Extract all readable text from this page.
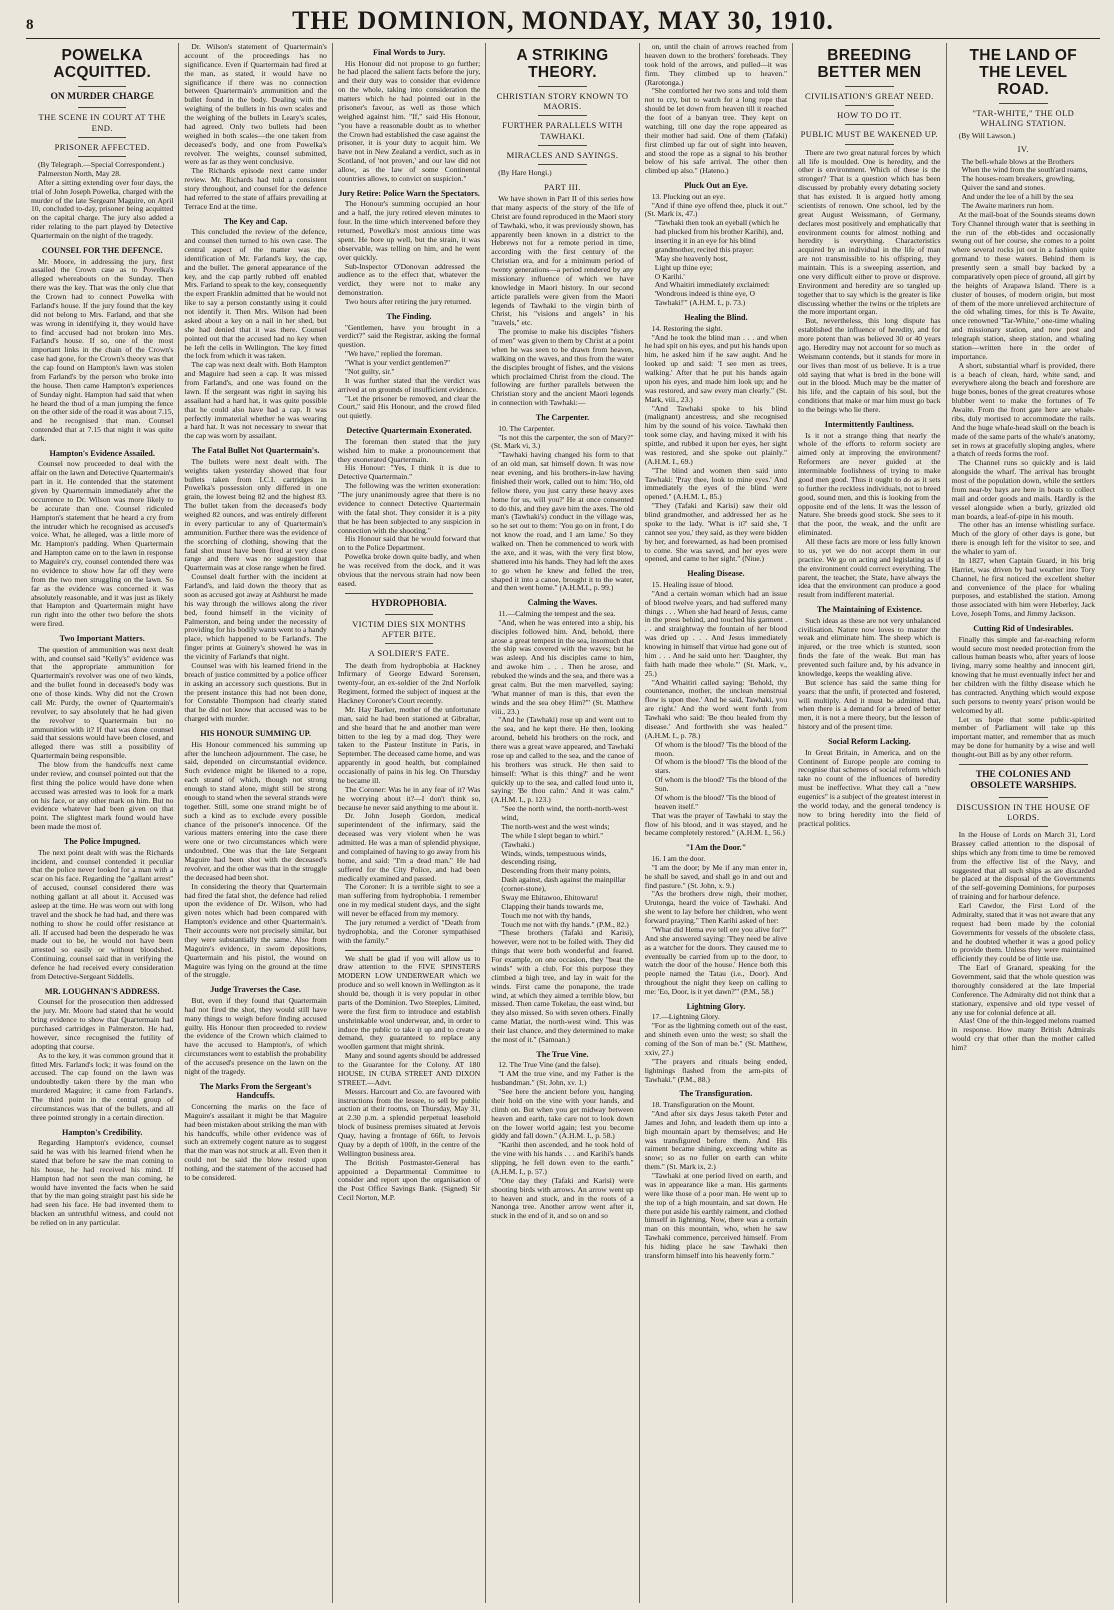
8	THE DOMINION, MONDAY, MAY 30, 1910.
POWELKA ACQUITTED.
ON MURDER CHARGE
THE SCENE IN COURT AT THE END.
PRISONER AFFECTED.

(By Telegraph.—Special Correspondent.)

Palmerston North, May 28.

After a sitting extending over four days, the trial of John Joseph Powelka, charged with the murder of the late Sergeant Maguire, on April 10, concluded to-day, prisoner being acquitted on the capital charge. The jury also added a rider relating to the part played by Detective Quartermain on the night of the tragedy.

COUNSEL FOR THE DEFENCE.

Mr. Moore, in addressing the jury, first assailed the Crown case as to Powelka's alleged whereabouts on the Sunday. Then there was the key. That was the only clue that the Crown had to connect Powelka with Farland's house. If the jury found that the key did not belong to Mrs. Farland, and that she was wrong in identifying it, they would have to find accused had not broken into Mrs. Farland's house. If so, one of the most important links in the chain of the Crown's case had gone, for the Crown's theory was that the cap found on Hampton's lawn was stolen from Farland's by the person who broke into the house. Then came Hampton's experiences of Sunday night. Hampton had said that when he heard the thud of a man jumping the fence on the other side of the road it was about 7.15, and he recognised that man. Counsel contended that at 7.15 that night it was quite dark.

Hampton's Evidence Assailed.

Counsel now proceeded to deal with the affair on the lawn and Detective Quartermain's part in it. He contended that the statement given by Quartermain immediately after the occurrence to Dr. Wilson was more likely to be accurate than one. Counsel ridiculed Hampton's statement that he heard a cry from the intruder which he recognised as accused's voice. What, he alleged, was a little more of Mr. Hampton's padding. When Quartermain and Hampton came on to the lawn in response to Maguire's cry, counsel contended there was no evidence to show how far off they were from the two men struggling on the lawn. So far as the evidence was concerned it was absolutely reasonable, and it was just as likely that Hampton and Quartermain might have run right into the other two before the shots were fired.

Two Important Matters.

The question of ammunition was next dealt with, and counsel said "Kelly's" evidence was that the appropriate ammunition for Quartermain's revolver was one of two kinds, and the bullet found in deceased's body was one of those kinds. Why did not the Crown call Mr. Purdy, the owner of Quartermain's revolver, to say absolutely that he had given the revolver to Quartermain but no ammunition with it? If that was done counsel said that sessions would have been closed, and alleged there was still a possibility of Quartermain being responsible.

The blow from the handcuffs next came under review, and counsel pointed out that the first thing the police would have done when accused was arrested was to look for a mark on his face, or any other mark on him. But no evidence whatever had been given on that point. The slightest mark found would have been made the most of.

The Police Impugned.

The next point dealt with was the Richards incident, and counsel contended it peculiar that the police never looked for a man with a scar on his face. Regarding the "gallant arrest" of accused, counsel considered there was nothing gallant at all about it. Accused was asleep at the time. He was worn out with long travel and the shock he had had, and there was nothing to show he could offer resistance at all. If accused had been the desperado he was made out to be, he would not have been arrested so easily or without bloodshed. Continuing, counsel said that in verifying the defence he had received every consideration from Detective-Sergeant Siddells.

MR. LOUGHNAN'S ADDRESS.

Counsel for the prosecution then addressed the jury. Mr. Moore had stated that he would bring evidence to show that Quartermain had purchased cartridges in Palmerston. He had, however, since recognised the futility of adopting that course.

As to the key, it was common ground that it fitted Mrs. Farland's lock; it was found on the accused. The cap found on the lawn was undoubtedly taken there by the man who murdered Maguire; it came from Farland's. The third point in the central group of circumstances was that of the bullets, and all three pointed strongly in a certain direction.

Hampton's Credibility.

Regarding Hampton's evidence, counsel said he was with his learned friend when he stated that before he saw the man coming to his house, he had received his mind. If Hampton had not seen the man coming, he would have invented the facts when he said that by the man going straight past his side he had seen his face. He had invented them to blacken an untruthful witness, and could not be relied on in any particular.

Dr. Wilson's statement of Quartermain's account of the proceedings has no significance. Even if Quartermain had fired at the man, as stated, it would have no significance if there was no connection between Quartermain's ammunition and the bullet found in the body. Dealing with the weighing of the bullets in his own scales and the weighing of the bullets in Leary's scales, had agreed. Only two bullets had been weighed in both scales—the one taken from deceased's body, and one from Powelka's revolver. The weights, counsel submitted, were as far as they went conclusive.

The Richards episode next came under review. Mr. Richards had told a consistent story throughout, and counsel for the defence had referred to the state of affairs prevailing at Terrace End at the time.

The Key and Cap.

This concluded the review of the defence, and counsel then turned to his own case. The central aspect of the matter was the identification of Mr. Farland's key, the cap, and the bullet. The general appearance of the key, and the cap partly rubbed off enabled Mrs. Farland to speak to the key, consequently the expert Franklin admitted that he would not like to say a person constantly using it could not identify it. Then Mrs. Wilson had been asked about a key on a nail in her shed, but she had denied that it was there. Counsel pointed out that the accused had no key when he left the cells in Wellington. The key fitted the lock from which it was taken.

The cap was next dealt with. Both Hampton and Maguire had seen a cap. It was missed from Farland's, and one was found on the lawn. If the sergeant was right in saying his assailant had a hard hat, it was quite possible that he could also have had a cap. It was perfectly immaterial whether he was wearing a hard hat. It was not necessary to swear that the cap was worn by assailant.

The Fatal Bullet Not Quartermain's.

The bullets were next dealt with. The weights taken yesterday showed that four bullets taken from I.C.I. cartridges in Powelka's possession only differed in one grain, the lowest being 82 and the highest 83. The bullet taken from the deceased's body weighed 82 ounces, and was entirely different in every particular to any of Quartermain's ammunition. Further there was the evidence of the scorching of clothing, showing that the fatal shot must have been fired at very close range and there was no suggestion that Quartermain was at close range when he fired.

Counsel dealt further with the incident at Farland's, and laid down the theory that as soon as accused got away at Ashhurst he made his way through the willows along the river bed, found himself in the vicinity of Palmerston, and being under the necessity of providing for his bodily wants went to a handy place, which happened to be Farland's. The finger prints at Guinery's showed he was in the vicinity of Farland's that night.

Counsel was with his learned friend in the breach of justice committed by a police officer in asking an accessory such questions. But in the present instance this had not been done, for Constable Thompson had clearly stated that he did not know that accused was to be charged with murder.

HIS HONOUR SUMMING UP.

His Honour commenced his summing up after the luncheon adjournment. The case, he said, depended on circumstantial evidence. Such evidence might be likened to a rope, each strand of which, though not strong enough to stand alone, might still be strong enough to stand when the several strands were together. Still, some one strand might be of such a kind as to exclude every possible chance of the prisoner's innocence. Of the various matters entering into the case there were one or two circumstances which were undoubted. One was that the late Sergeant Maguire had been shot with the deceased's revolver, and the other was that in the struggle the deceased had been shot.

In considering the theory that Quartermain had fired the fatal shot, the defence had relied upon the evidence of Dr. Wilson, who had given notes which had been compared with Hampton's evidence and other Quartermain's. Their accounts were not precisely similar, but they were substantially the same. Also from Maguire's evidence, in sworn depositions, Quartermain and his pistol, the wound on Maguire was lying on the ground at the time of the struggle.

Judge Traverses the Case.

But, even if they found that Quartermain had not fired the shot, they would still have many things to weigh before finding accused guilty. His Honour then proceeded to review the evidence of the Crown which claimed to have the accused to Hampton's, of which circumstances went to establish the probability of the accused's presence on the lawn on the night of the tragedy.

The Marks From the Sergeant's Handcuffs.

Concerning the marks on the face of Maguire's assailant it might be that Maguire had been mistaken about striking the man with his handcuffs, while other evidence was of such an extremely cogent nature as to suggest that the man was not struck at all. Even then it could not be said the blow rested upon nothing, and the statement of the accused had to be considered.

Final Words to Jury.

His Honour did not propose to go further; he had placed the salient facts before the jury, and their duty was to consider that evidence on the whole, taking into consideration the matters which he had pointed out in the prisoner's favour, as well as those which weighed against him. "If," said His Honour, "you have a reasonable doubt as to whether the Crown had established the case against the prisoner, it is your duty to acquit him. We have not in New Zealand a verdict, such as in Scotland, of 'not proven,' and our law did not allow, as the law of some Continental countries allows, to convict on suspicion."

Jury Retire: Police Warn the Spectators.

The Honour's summing occupied an hour and a half, the jury retired eleven minutes to four. In the time which intervened before they returned, Powelka's most anxious time was spent. He bore up well, but the strain, it was observable, was telling on him, and he went over quickly.

Sub-Inspector O'Donovan addressed the audience as to the effect that, whatever the verdict, they were not to make any demonstration.

Two hours after retiring the jury returned.

The Finding.

"Gentlemen, have you brought in a verdict?" said the Registrar, asking the formal question.

"We have," replied the foreman.

"What is your verdict gentlemen?"

"Not guilty, sir."

It was further stated that the verdict was arrived at on grounds of insufficient evidence.

"Let the prisoner be removed, and clear the Court," said His Honour, and the crowd filed out quietly.

Detective Quartermain Exonerated.

The foreman then stated that the jury wished him to make a pronouncement that they exonerated Quartermain.

His Honour: "Yes, I think it is due to Detective Quartermain."

The following was the written exoneration: "The jury unanimously agree that there is no evidence to connect Detective Quartermain with the fatal shot. They consider it is a pity that he has been subjected to any suspicion in connection with the shooting."

His Honour said that he would forward that on to the Police Department.

Powelka broke down quite badly, and when he was received from the dock, and it was obvious that the nervous strain had now been eased.

HYDROPHOBIA.
VICTIM DIES SIX MONTHS AFTER BITE.
A SOLDIER'S FATE.

The death from hydrophobia at Hackney Infirmary of George Edward Sorensen, twenty-four, an ex-soldier of the 2nd Norfolk Regiment, formed the subject of inquest at the Hackney Coroner's Court recently.

Mr. Hay Barker, mother of the unfortunate man, said he had been stationed at Gibraltar, and she heard that he and another man were bitten to the leg by a mad dog. They were taken to the Pasteur Institute in Paris, in September. The deceased came home, and was apparently in good health, but complained occasionally of pains in his leg. On Thursday he became ill.

The Coroner: Was he in any fear of it? Was he worrying about it?—I don't think so, because he never said anything to me about it.

Dr. John Joseph Gordon, medical superintendent of the infirmary, said the deceased was very violent when he was admitted. He was a man of splendid physique, and complained of having to go away from his home, and said: "I'm a dead man." He had suffered for the City Police, and had been medically examined and passed.

The Coroner: It is a terrible sight to see a man suffering from hydrophobia. I remember one in my medical student days, and the sight will never be effaced from my memory.

The jury returned a verdict of "Death from hydrophobia, and the Coroner sympathised with the family."

We shall be glad if you will allow us to draw attention to the FIVE SPINSTERS MODERN LOW UNDERWEAR which we produce and so well known in Wellington as it should be, though it is very popular in other parts of the Dominion. Two Steeples, Limited, were the first firm to introduce and establish unshrinkable wool underwear, and, in order to induce the public to take it up and to create a demand, they guaranteed to replace any woollen garment that might shrink.

Many and sound agents should be addressed to the Guarantee for the Colony. AT 180 HOUSE, IN CUBA STREET AND DIXON STREET.—Advt.

Messrs. Harcourt and Co. are favoured with instructions from the lessee, to sell by public auction at their rooms, on Thursday, May 31, at 2.30 p.m. a splendid perpetual leasehold block of business premises situated at Jervois Quay, having a frontage of 66ft, to Jervois Quay by a depth of 100ft, in the centre of the Wellington business area.

The British Postmaster-General has appointed a Departmental Committee to consider and report upon the organisation of the Post Office Savings Bank. (Signed) Sir Cecil Norton, M.P.

A STRIKING THEORY.
CHRISTIAN STORY KNOWN TO MAORIS.
FURTHER PARALLELS WITH TAWHAKI.
MIRACLES AND SAYINGS.

(By Hare Hongi.)

PART III.

We have shown in Part II of this series how that many aspects of the story of the life of Christ are found reproduced in the Maori story of Tawhaki, who, it was previously shown, has apparently been known in a district to the Hebrews not for a remote period in time, according with the first century of the Christian era, and for a minimum period of twenty generations—a period rendered by any missionary influence of which we have knowledge in Maori history. In our second article parallels were given from the Maori legends of Tawhaki to the virgin birth of Christ, his "visions and angels" in his "travels," etc.

The promise to make his disciples "fishers of men" was given to them by Christ at a point when he was seen to be drawn from heaven, walking on the waves, and thus from the water the disciples brought of fishes, and the visions which proclaimed Christ from the cloud. The following are further parallels between the Christian story and the ancient Maori legends in connection with Tawhaki:—

The Carpenter.

10. The Carpenter.

"Is not this the carpenter, the son of Mary?" (St. Mark vi, 3.)

"Tawhaki having changed his form to that of an old man, sat himself down. It was now near evening, and his brothers-in-law having finished their work, called out to him: 'Ho, old fellow there, you just carry these heavy axes home for us, will you?' He at once consented to do this, and they gave him the axes. The old man's (Tawhaki's) conduct in the village was, so he set out to them: 'You go on in front, I do not know the road, and I am lame.' So they walked on. Then he commenced to work with the axe, and it was, with the very first blow, shattered into his hands. They had left the axes to go when he knew and felled the tree, shaped it into a canoe, brought it to the water, and then went home." (A.H.M.I., p. 99.)

Calming the Waves.

11.—Calming the tempest and the sea.

"And, when he was entered into a ship, his disciples followed him. And, behold, there arose a great tempest in the sea, insomuch that the ship was covered with the waves; but he was asleep. And his disciples came to him, and awoke him . . . Then he arose, and rebuked the winds and the sea, and there was a great calm. But the men marvelled, saying: 'What manner of man is this, that even the winds and the sea obey Him?'" (St. Matthew viii., 23.)

"And he (Tawhaki) rose up and went out to the sea, and he kept there. He then, looking around, beheld his brothers on the rock, and there was a great wave appeared, and Tawhaki rose up and called to the sea, and the canoe of his brothers was struck. He then said to himself: 'What is this thing?' and he went quickly up to the sea, and called loud unto it, saying: 'Be thou calm.' And it was calm." (A.H.M. I., p. 123.)

"See the north wind, the north-north-west wind,
The north-west and the west winds;
The while I slept began to whirl."
(Tawhaki.)

Winds, winds, tempestuous winds, descending rising,
Descending from their many points,
Dash against, dash against the mainpillar (corner-stone),
Sway me Ehitawoo, Ehitowaru!
Clapping their hands towards me,
Touch me not with thy hands,
Touch me not with thy hands." (P.M., 82.)

"These brothers (Tafaki and Karisi), however, were not to be foiled with. They did things that were both wonderful and feared. For example, on one occasion, they "beat the winds" with a club. For this purpose they climbed a high tree, and lay in wait for the winds. First came the ponapone, the trade wind, at which they aimed a terrible blow, but missed. Then came Tokelau, the east wind, but they also missed. So with seven others. Finally came Matiat, the north-west wind. This was their last chance, and they determined to make the most of it." (Samoan.)

The True Vine.

12. The True Vine (and the false).

"I AM the true vine, and my Father is the husbandman." (St. John, xv. 1.)

"See here the ancient before you, hanging their hold on the vine with your hands, and climb on. But when you get midway between heaven and earth, take care not to look down on the lower world again; lest you become giddy and fall down." (A.H.M. I., p. 58.)

"Karihi then ascended, and he took hold of the vine with his hands . . . and Karihi's hands slipping, he fell down even to the earth." (A.H.M. I., p. 57.)

"One day they (Tafaki and Karisi) were shooting birds with arrows. An arrow went up to heaven and stuck, and in the roots of a Nanonga tree. Another arrow went after it, stuck in the end of it, and so on and so

on, until the chain of arrows reached from heaven down to the brothers' foreheads. They took hold of the arrows, and pulled—it was firm. They climbed up to heaven." (Rarotonga.)

"She comforted her two sons and told them not to cry, but to watch for a long rope that should be let down from heaven till it reached the foot of a banyan tree. They kept on watching, till one day the rope appeared as their mother had said. One of them (Tafaki) first climbed up far out of sight into heaven, and stood the rope as a signal to his brother below of his safe arrival. The other then climbed up also." (Hateno.)

Pluck Out an Eye.

13. Plucking out an eye.

"And if thine eye offend thee, pluck it out." (St. Mark ix, 47.)

"Tawhaki then took an eyeball (which he had plucked from his brother Karihi), and, inserting it in an eye for his blind grandmother, recited this prayer:
'May she heavenly host,
Light up thine eye;
O Karihi.'
And Whaitiri immediately exclaimed: 'Wondrous indeed is thine eye, O Tawhaki!'" (A.H.M. I., p. 73.)

Healing the Blind.

14. Restoring the sight.

"And he took the blind man . . . and when he had spit on his eyes, and put his hands upon him, he asked him if he saw aught. And he looked up and said: 'I see men as trees, walking.' After that he put his hands again upon his eyes, and made him look up; and he was restored, and saw every man clearly." (St. Mark, viii., 23.)

"And Tawhaki spoke to his blind (malignant) ancestress, and she recognised him by the sound of his voice. Tawhaki then took some clay, and having mixed it with his spittle, and rubbed it upon her eyes, her sight was restored, and she spoke out plainly." (A.H.M. I., 69.)

"The blind and women then said unto Tawhaki: 'Pray thee, look to mine eyes.' And immediately the eyes of the blind were opened." (A.H.M. I., 85.)

"They (Tafaki and Karisi) saw their old blind grandmother, and addressed her as he spoke to the lady. 'What is it?' said she, 'I cannot see you,' they said, as they were bidden by her, and forewarned, as had been promised to come. She was saved, and her eyes were opened, and came to her sight." (Niue.)

Healing Disease.

15. Healing issue of blood.

"And a certain woman which had an issue of blood twelve years, and had suffered many things . . . When she had heard of Jesus, came in the press behind, and touched his garment . . . and straightway the fountain of her blood was dried up . . . And Jesus immediately knowing in himself that virtue had gone out of him . . . And he said unto her: 'Daughter, thy faith hath made thee whole.'" (St. Mark, v., 25.)

"And Whaitiri called saying: 'Behold, thy countenance, mother, the unclean menstrual flow is upon thee.' And he said, Tawhaki, you are right.' And the word went forth from Tawhaki who said: 'Be thou healed from thy disease.' And forthwith she was healed." (A.H.M. I., p. 78.)

Of whom is the blood? 'Tis the blood of the moon.
Of whom is the blood? 'Tis the blood of the stars.
Of whom is the blood? 'Tis the blood of the Sun.
Of whom is the blood? 'Tis the blood of heaven itself."

That was the prayer of Tawhaki to stay the flow of his blood, and it was stayed, and he became completely restored." (A.H.M. I., 56.)

"I Am the Door."

16. I am the door.

"I am the door; by Me if any man enter in, he shall be saved, and shall go in and out and find pasture." (St. John, x. 9.)

"As the brothers drew nigh, their mother, Urutonga, heard the voice of Tawhaki. And she went to lay before her children, who went forward praying." Then Karihi asked of her:

"What did Hema eve tell ere you alive for?" And she answered saying: 'They need be alive as a watcher for the doors. They caused me to eventually be carried from up to the door, to watch the door of the house.' Hence both this people named the Tatau (i.e., Door). And throughout the night they keep on calling to me: 'Eo, Door, is it yet dawn?'" (P.M., 58.)

Lightning Glory.

17.—Lightning Glory.

"For as the lightning cometh out of the east, and shineth even unto the west; so shall the coming of the Son of man be." (St. Matthew, xxiv, 27.)

"The prayers and rituals being ended, lightnings flashed from the arm-pits of Tawhaki." (P.M., 88.)

The Transfiguration.

18. Transfiguration on the Mount.

"And after six days Jesus taketh Peter and James and John, and leadeth them up into a high mountain apart by themselves; and He was transfigured before them. And His raiment became shining, exceeding white as snow; so as no fuller on earth can white them." (St. Mark ix, 2.)

"Tawhaki at one period lived on earth, and was in appearance like a man. His garments were like those of a poor man. He went up to the top of a high mountain, and sat down. He there put aside his earthly raiment, and clothed himself in lightning. Now, there was a certain man on this mountain, who, when he saw Tawhaki commence, perceived himself. From his hiding place he saw Tawhaki then transform himself into his heavenly form."

BREEDING BETTER MEN
CIVILISATION'S GREAT NEED.
HOW TO DO IT.
PUBLIC MUST BE WAKENED UP.

There are two great natural forces by which all life is moulded. One is heredity, and the other is environment. Which of these is the stronger? That is a question which has been discussed by probably every debating society that has existed. It is argued hotly among scientists of renown. One school, led by the great August Weissmann, of Germany, declares most positively and emphatically that environment counts for almost nothing and heredity is everything. Characteristics acquired by an individual in the life of man are not transmissible to his offspring, they maintain. This is a sweeping assertion, and one very difficult either to prove or disprove. Environment and heredity are so tangled up together that to say which is the greater is like discussing whether the twins or the triplets are the more important organ.

But, nevertheless, this long dispute has established the influence of heredity, and for more potent than was believed 30 or 40 years ago. Heredity may not account for so much as Weismann contends, but it stands for more in our lives than most of us believe. It is a true old saying that what is bred in the bone will out in the blood. Much may be the matter of his life, and the captain of his soul, but the conditions that make or mar him must go back to the beings who lie there.

Intermittently Faultiness.

Is it not a strange thing that nearly the whole of the efforts to reform society are aimed only at improving the environment? Reformers are never guided at the interminable foolishness of trying to make good men good. Thus it ought to do as it sets to further the reckless individuals, not to breed good, sound men, and this is looking from the opposite end of the lens. It was the lesson of Nature. She breeds good stock. She sees to it that the poor, the weak, and the unfit are eliminated.

All these facts are more or less fully known to us, yet we do not accept them in our practice. We go on acting and legislating as if the environment could correct everything. The parent, the teacher, the State, have always the idea that the environment can produce a good result from indifferent material.

The Maintaining of Existence.

Such ideas as these are not very unbalanced civilisation. Nature now loves to master the weak and eliminate him. The sheep which is injured, or the tree which is stunted, soon finds the fate of the weak. But man has prevented such failure and, by his advance in knowledge, keeps the weakling alive.

But science has said the same thing for years: that the unfit, if protected and fostered, will multiply. And it must be admitted that, when there is a demand for a breed of better men, it is not a mere theory, but the lesson of history and of the present time.

Social Reform Lacking.

In Great Britain, in America, and on the Continent of Europe people are coming to recognise that schemes of social reform which take no count of the influences of heredity must be ineffective. What they call a "new eugenics" is a subject of the greatest interest in the world today, and the general tendency is now to bring heredity into the field of practical politics.

THE LAND OF THE LEVEL ROAD.
"TAR-WHITE," THE OLD WHALING STATION.

(By Will Lawson.)

IV.

The bell-whale blows at the Brothers
When the wind from the south'ard roams,
The houses-roam breakers, growling,
Quiver the sand and stones.
And under the lee of a hill by the sea
The Awaite mariners run hom.

At the mail-boat of the Sounds steams down Tory Channel through water that is seething in the run of the ebb-tides and occasionally swung out of her course, she comes to a point where several rocks jut out in a fashion quite gormand to these waters. Behind them is presently seen a small bay backed by a comparatively open piece of ground, all girt by the heights of Arapawa Island. There is a cluster of houses, of modern origin, but most of them of the more unrelieved architecture of the old whaling times, for this is Te Awaite, once renowned "Tar-White," one-time whaling and missionary station, and now post and telegraph station, sheep station, and whaling station—written here in the order of importance.

A short, substantial wharf is provided, there is a beach of clean, hard, white sand, and everywhere along the beach and foreshore are huge bones, bones of the great creatures whose blubber went to make the fortunes of Te Awaite. From the front gate here are whale-ribs, duly mortised to accommodate the rails. And the huge whale-head skull on the beach is made of the same parts of the whale's anatomy, set in rows at gracefully sloping angles, where a thatch of reeds forms the roof.

The Channel runs so quickly and is laid alongside the wharf. The arrival has brought most of the population down, while the settlers from near-by bays are here in boats to collect mail and order goods and mails. Hardly is the vessel alongside when a burly, grizzled old man boards, a leaf-of-pipe in his mouth.

The other has an intense whistling surface. Much of the glory of other days is gone, but there is enough left for the visitor to see, and the whaler to yarn of.

In 1827, when Captain Guard, in his brig Harriet, was driven by bad weather into Tory Channel, he first noticed the excellent shelter and convenience of the place for whaling purposes, and established the station. Among those associated with him were Heberley, Jack Love, Joseph Toms, and Jimmy Jackson.

Cutting Rid of Undesirables.

Finally this simple and far-reaching reform would secure most needed protection from the callous human beasts who, after years of loose living, marry some healthy and innocent girl, knowing that he must eventually infect her and her children with the filthy disease which he has contracted. Anything which would expose such persons to twenty years' prison would be welcomed by all.

Let us hope that some public-spirited member of Parliament will take up this important matter, and remember that as much may be done for humanity by a wise and well thought-out Bill as by any other reform.

THE COLONIES AND OBSOLETE WARSHIPS.
DISCUSSION IN THE HOUSE OF LORDS.

In the House of Lords on March 31, Lord Brassey called attention to the disposal of ships which any from time to time be removed from the effective list of the Navy, and suggested that all such ships as are discarded be placed at the disposal of the Governments of the self-governing Dominions, for purposes of training and for harbour defence.

Earl Cawdor, the First Lord of the Admiralty, stated that it was not aware that any request had been made by the colonial Governments for vessels of the obsolete class, and he doubted whether it was a good policy to provide them. Unless they were maintained efficiently they could be of little use.

The Earl of Granard, speaking for the Government, said that the whole question was thoroughly considered at the late Imperial Conference. The Admiralty did not think that a stationary, expensive and old type vessel of any use for colonial defence at all.

Alas! One of the thin-legged melons roamed in response. How many British Admirals would cry that other than the mother called him?
